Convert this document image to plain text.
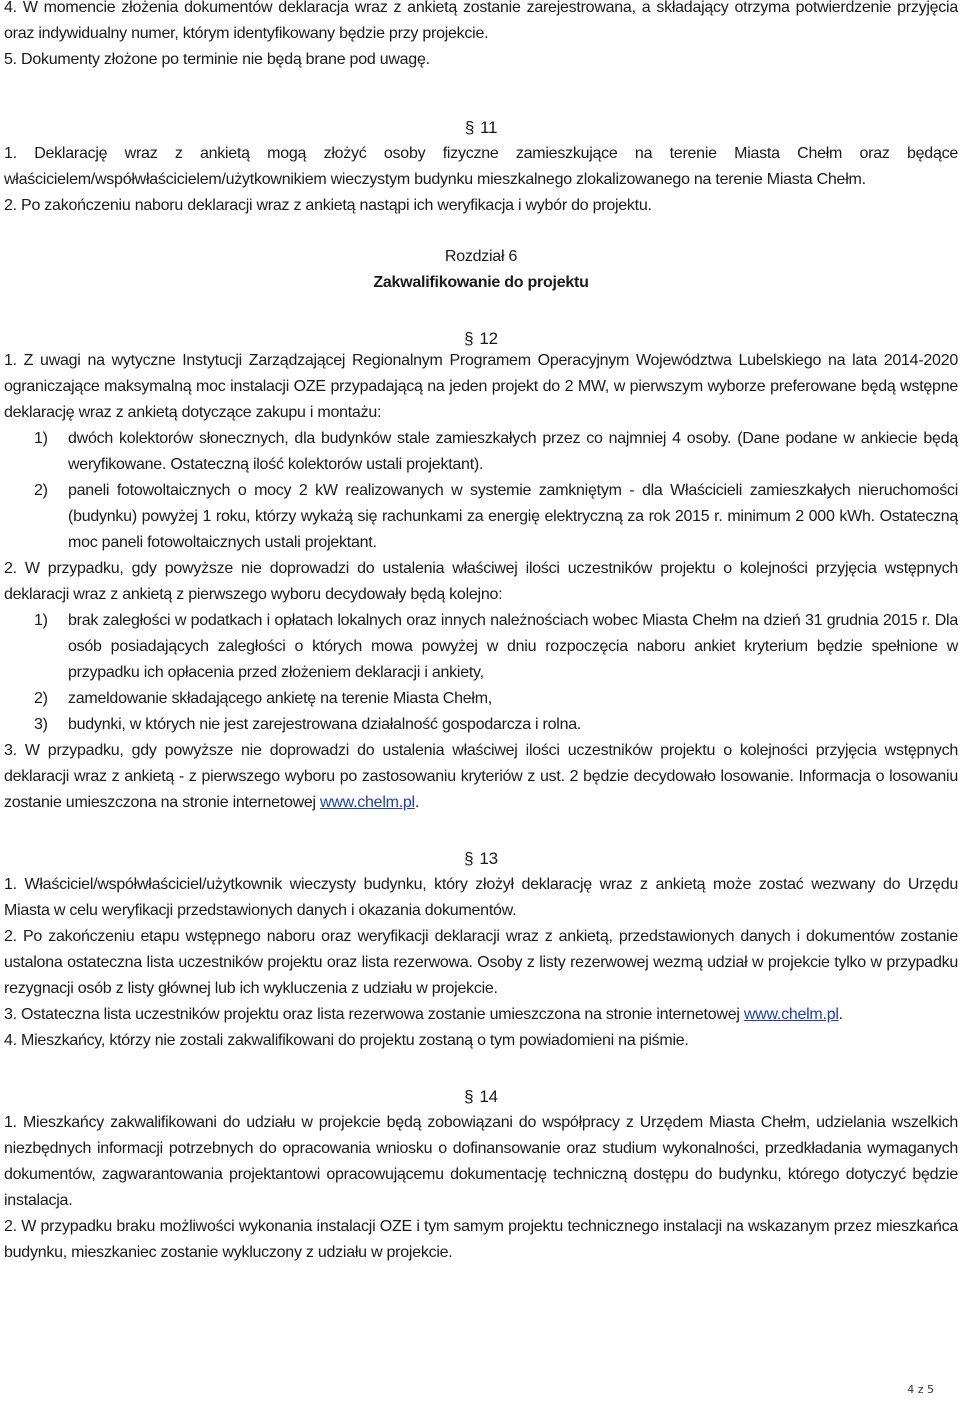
4. W momencie złożenia dokumentów deklaracja wraz z ankietą zostanie zarejestrowana, a składający otrzyma potwierdzenie przyjęcia oraz indywidualny numer, którym identyfikowany będzie przy projekcie.

5. Dokumenty złożone po terminie nie będą brane pod uwagę.

§ 11

1. Deklarację wraz z ankietą mogą złożyć osoby fizyczne zamieszkujące na terenie Miasta Chełm oraz będące właścicielem/współwłaścicielem/użytkownikiem wieczystym budynku mieszkalnego zlokalizowanego na terenie Miasta Chełm.

2. Po zakończeniu naboru deklaracji wraz z ankietą nastąpi ich weryfikacja i wybór do projektu.

Rozdział 6

Zakwalifikowanie do projektu

§ 12

1. Z uwagi na wytyczne Instytucji Zarządzającej Regionalnym Programem Operacyjnym Województwa Lubelskiego na lata 2014-2020 ograniczające maksymalną moc instalacji OZE przypadającą na jeden projekt do 2 MW, w pierwszym wyborze preferowane będą wstępne deklarację wraz z ankietą dotyczące zakupu i montażu:

1)	dwóch kolektorów słonecznych, dla budynków stale zamieszkałych przez co najmniej 4 osoby. (Dane podane w ankiecie będą weryfikowane. Ostateczną ilość kolektorów ustali projektant).
2)	paneli fotowoltaicznych o mocy 2 kW realizowanych w systemie zamkniętym - dla Właścicieli zamieszkałych nieruchomości (budynku) powyżej 1 roku, którzy wykażą się rachunkami za energię elektryczną za rok 2015 r. minimum 2 000 kWh. Ostateczną moc paneli fotowoltaicznych ustali projektant.

2. W przypadku, gdy powyższe nie doprowadzi do ustalenia właściwej ilości uczestników projektu o kolejności przyjęcia wstępnych deklaracji wraz z ankietą z pierwszego wyboru decydowały będą kolejno:

1)	brak zaległości w podatkach i opłatach lokalnych oraz innych należnościach wobec Miasta Chełm na dzień 31 grudnia 2015 r. Dla osób posiadających zaległości o których mowa powyżej w dniu rozpoczęcia naboru ankiet kryterium będzie spełnione w przypadku ich opłacenia przed złożeniem deklaracji i ankiety,
2)	zameldowanie składającego ankietę na terenie Miasta Chełm,
3)	budynki, w których nie jest zarejestrowana działalność gospodarcza i rolna.

3. W przypadku, gdy powyższe nie doprowadzi do ustalenia właściwej ilości uczestników projektu o kolejności przyjęcia wstępnych deklaracji wraz z ankietą - z pierwszego wyboru po zastosowaniu kryteriów z ust. 2 będzie decydowało losowanie. Informacja o losowaniu zostanie umieszczona na stronie internetowej www.chelm.pl.

§ 13

1. Właściciel/współwłaściciel/użytkownik wieczysty budynku, który złożył deklarację wraz z ankietą może zostać wezwany do Urzędu Miasta w celu weryfikacji przedstawionych danych i okazania dokumentów.

2. Po zakończeniu etapu wstępnego naboru oraz weryfikacji deklaracji wraz z ankietą, przedstawionych danych i dokumentów zostanie ustalona ostateczna lista uczestników projektu oraz lista rezerwowa. Osoby z listy rezerwowej wezmą udział w projekcie tylko w przypadku rezygnacji osób z listy głównej lub ich wykluczenia z udziału w projekcie.

3. Ostateczna lista uczestników projektu oraz lista rezerwowa zostanie umieszczona na stronie internetowej www.chelm.pl.

4. Mieszkańcy, którzy nie zostali zakwalifikowani do projektu zostaną o tym powiadomieni na piśmie.

§ 14

1. Mieszkańcy zakwalifikowani do udziału w projekcie będą zobowiązani do współpracy z Urzędem Miasta Chełm, udzielania wszelkich niezbędnych informacji potrzebnych do opracowania wniosku o dofinansowanie oraz studium wykonalności, przedkładania wymaganych dokumentów, zagwarantowania projektantowi opracowującemu dokumentację techniczną dostępu do budynku, którego dotyczyć będzie instalacja.

2. W przypadku braku możliwości wykonania instalacji OZE i tym samym projektu technicznego instalacji na wskazanym przez mieszkańca budynku, mieszkaniec zostanie wykluczony z udziału w projekcie.

4 z 5
